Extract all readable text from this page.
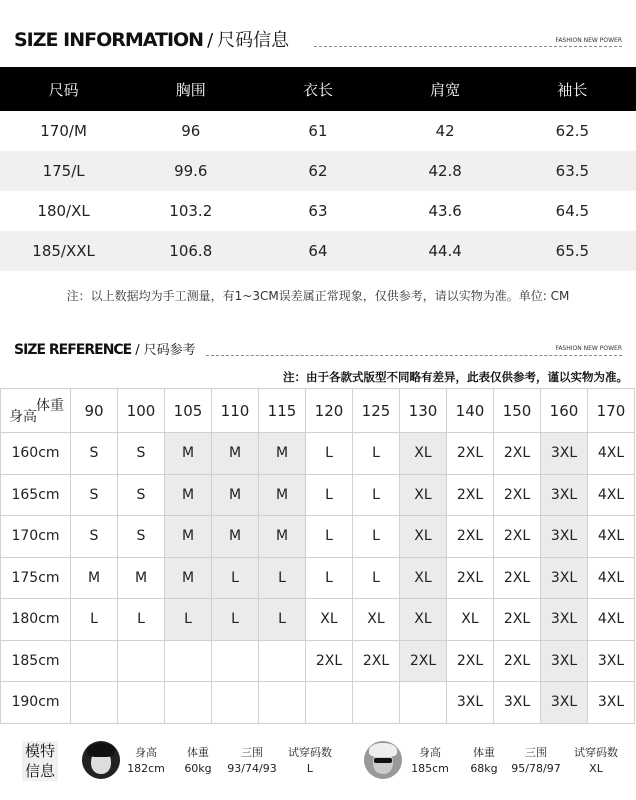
SIZE INFORMATION / 尺码信息	FASHION NEW POWER
尺码	胸围	衣长	肩宽	袖长
170/M	96	61	42	62.5
175/L	99.6	62	42.8	63.5
180/XL	103.2	63	43.6	64.5
185/XXL	106.8	64	44.4	65.5
注：以上数据均为手工测量，有1~3CM误差属正常现象，仅供参考，请以实物为准。单位: CM
SIZE REFERENCE / 尺码参考	FASHION NEW POWER
注：由于各款式版型不同略有差异，此表仅供参考，谨以实物为准。
体重
身高	90	100	105	110	115	120	125	130	140	150	160	170
160cm	S	S	M	M	M	L	L	XL	2XL	2XL	3XL	4XL
165cm	S	S	M	M	M	L	L	XL	2XL	2XL	3XL	4XL
170cm	S	S	M	M	M	L	L	XL	2XL	2XL	3XL	4XL
175cm	M	M	M	L	L	L	L	XL	2XL	2XL	3XL	4XL
180cm	L	L	L	L	L	XL	XL	XL	XL	2XL	3XL	4XL
185cm						2XL	2XL	2XL	2XL	2XL	3XL	3XL
190cm									3XL	3XL	3XL	3XL
模特信息
身高
182cm
体重
60kg
三围
93/74/93
试穿码数
L
身高
185cm
体重
68kg
三围
95/78/97
试穿码数
XL
